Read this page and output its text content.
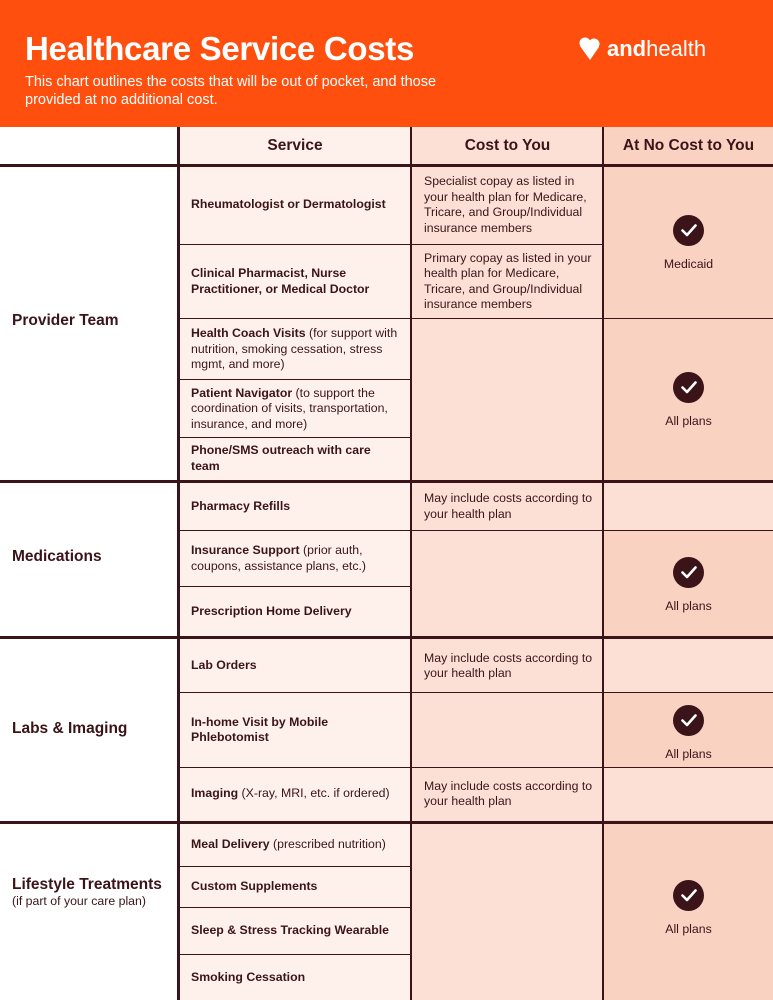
Healthcare Service Costs
This chart outlines the costs that will be out of pocket, and those provided at no additional cost.
andhealth
Service	Cost to You	At No Cost to You
Provider Team
Medications
Labs & Imaging
Lifestyle Treatments
(if part of your care plan)
Rheumatologist or Dermatologist
Clinical Pharmacist, Nurse Practitioner, or Medical Doctor
Health Coach Visits (for support with nutrition, smoking cessation, stress mgmt, and more)
Patient Navigator (to support the coordination of visits, transportation, insurance, and more)
Phone/SMS outreach with care team
Pharmacy Refills
Insurance Support (prior auth, coupons, assistance plans, etc.)
Prescription Home Delivery
Lab Orders
In-home Visit by Mobile Phlebotomist
Imaging (X-ray, MRI, etc. if ordered)
Meal Delivery (prescribed nutrition)
Custom Supplements
Sleep & Stress Tracking Wearable
Smoking Cessation
Specialist copay as listed in your health plan for Medicare, Tricare, and Group/Individual insurance members
Primary copay as listed in your health plan for Medicare, Tricare, and Group/Individual insurance members
May include costs according to your health plan
May include costs according to your health plan
May include costs according to your health plan
Medicaid
All plans
All plans
All plans
All plans
